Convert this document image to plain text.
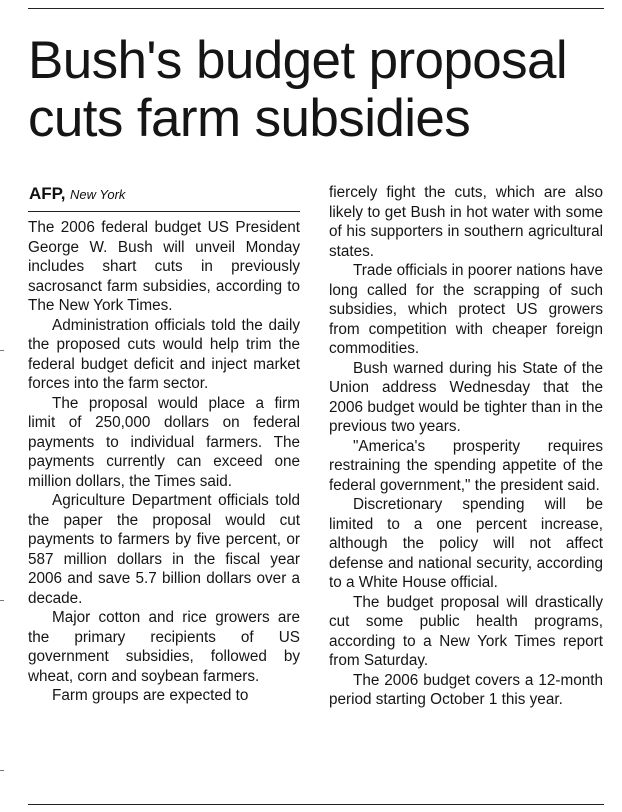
Bush's budget proposal cuts farm subsidies
AFP, New York

The 2006 federal budget US President George W. Bush will unveil Monday includes shart cuts in previously sacrosanct farm subsidies, according to The New York Times.

Administration officials told the daily the proposed cuts would help trim the federal budget deficit and inject market forces into the farm sector.

The proposal would place a firm limit of 250,000 dollars on federal payments to individual farmers. The payments currently can exceed one million dollars, the Times said.

Agriculture Department officials told the paper the proposal would cut payments to farmers by five percent, or 587 million dollars in the fiscal year 2006 and save 5.7 billion dollars over a decade.

Major cotton and rice growers are the primary recipients of US government subsidies, followed by wheat, corn and soybean farmers.

Farm groups are expected to

fiercely fight the cuts, which are also likely to get Bush in hot water with some of his supporters in southern agricultural states.

Trade officials in poorer nations have long called for the scrapping of such subsidies, which protect US growers from competition with cheaper foreign commodities.

Bush warned during his State of the Union address Wednesday that the 2006 budget would be tighter than in the previous two years.

"America's prosperity requires restraining the spending appetite of the federal government," the president said.

Discretionary spending will be limited to a one percent increase, although the policy will not affect defense and national security, according to a White House official.

The budget proposal will drastically cut some public health programs, according to a New York Times report from Saturday.

The 2006 budget covers a 12-month period starting October 1 this year.
